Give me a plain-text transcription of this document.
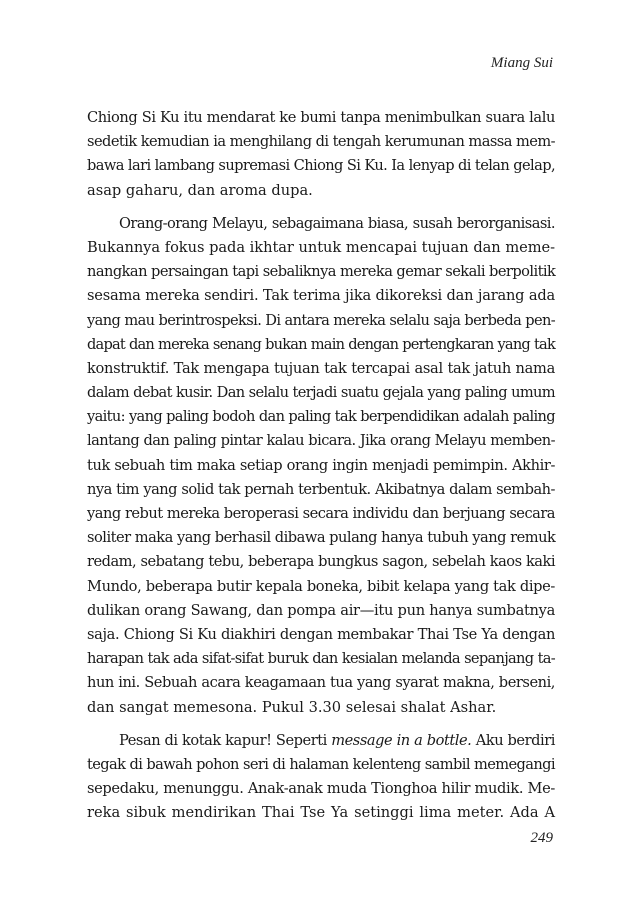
Miang Sui
Chiong Si Ku itu mendarat ke bumi tanpa menimbulkan suara lalu
sedetik kemudian ia menghilang di tengah kerumunan massa mem-
bawa lari lambang supremasi Chiong Si Ku. Ia lenyap di telan gelap,
asap gaharu, dan aroma dupa.
Orang-orang Melayu, sebagaimana biasa, susah berorganisasi.
Bukannya fokus pada ikhtar untuk mencapai tujuan dan meme-
nangkan persaingan tapi sebaliknya mereka gemar sekali berpolitik
sesama mereka sendiri. Tak terima jika dikoreksi dan jarang ada
yang mau berintrospeksi. Di antara mereka selalu saja berbeda pen-
dapat dan mereka senang bukan main dengan pertengkaran yang tak
konstruktif. Tak mengapa tujuan tak tercapai asal tak jatuh nama
dalam debat kusir. Dan selalu terjadi suatu gejala yang paling umum
yaitu: yang paling bodoh dan paling tak berpendidikan adalah paling
lantang dan paling pintar kalau bicara. Jika orang Melayu memben-
tuk sebuah tim maka setiap orang ingin menjadi pemimpin. Akhir-
nya tim yang solid tak pernah terbentuk. Akibatnya dalam sembah-
yang rebut mereka beroperasi secara individu dan berjuang secara
soliter maka yang berhasil dibawa pulang hanya tubuh yang remuk
redam, sebatang tebu, beberapa bungkus sagon, sebelah kaos kaki
Mundo, beberapa butir kepala boneka, bibit kelapa yang tak dipe-
dulikan orang Sawang, dan pompa air—itu pun hanya sumbatnya
saja. Chiong Si Ku diakhiri dengan membakar Thai Tse Ya dengan
harapan tak ada sifat-sifat buruk dan kesialan melanda sepanjang ta-
hun ini. Sebuah acara keagamaan tua yang syarat makna, berseni,
dan sangat memesona. Pukul 3.30 selesai shalat Ashar.
Pesan di kotak kapur! Seperti message in a bottle. Aku berdiri
tegak di bawah pohon seri di halaman kelenteng sambil memegangi
sepedaku, menunggu. Anak-anak muda Tionghoa hilir mudik. Me-
reka sibuk mendirikan Thai Tse Ya setinggi lima meter. Ada A
249
